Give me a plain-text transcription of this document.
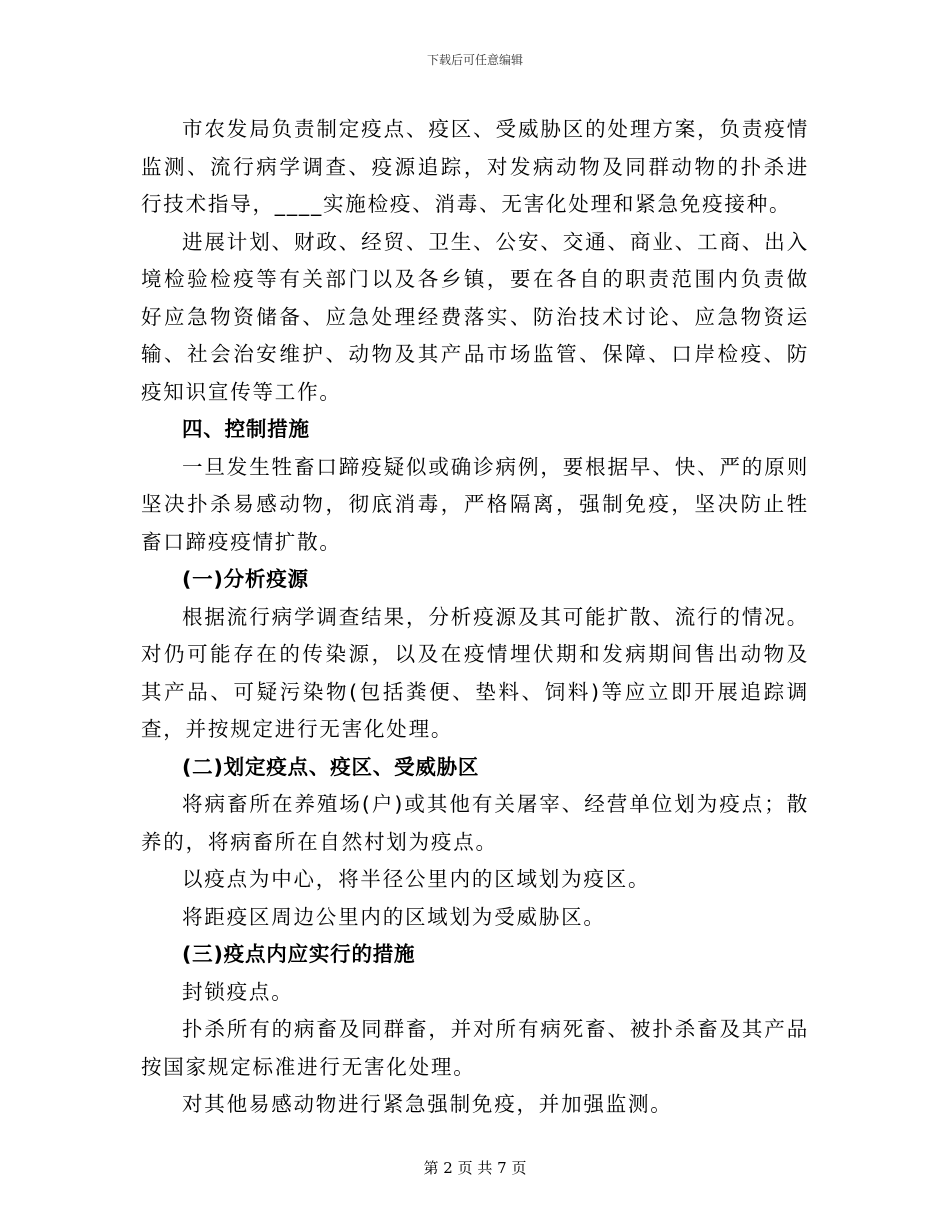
下载后可任意编辑

市农发局负责制定疫点、疫区、受威胁区的处理方案，负责疫情监测、流行病学调查、疫源追踪，对发病动物及同群动物的扑杀进行技术指导，____实施检疫、消毒、无害化处理和紧急免疫接种。

进展计划、财政、经贸、卫生、公安、交通、商业、工商、出入境检验检疫等有关部门以及各乡镇，要在各自的职责范围内负责做好应急物资储备、应急处理经费落实、防治技术讨论、应急物资运输、社会治安维护、动物及其产品市场监管、保障、口岸检疫、防疫知识宣传等工作。

四、控制措施

一旦发生牲畜口蹄疫疑似或确诊病例，要根据早、快、严的原则坚决扑杀易感动物，彻底消毒，严格隔离，强制免疫，坚决防止牲畜口蹄疫疫情扩散。

(一)分析疫源

根据流行病学调查结果，分析疫源及其可能扩散、流行的情况。对仍可能存在的传染源，以及在疫情埋伏期和发病期间售出动物及其产品、可疑污染物(包括粪便、垫料、饲料)等应立即开展追踪调查，并按规定进行无害化处理。

(二)划定疫点、疫区、受威胁区

将病畜所在养殖场(户)或其他有关屠宰、经营单位划为疫点；散养的，将病畜所在自然村划为疫点。

以疫点为中心，将半径公里内的区域划为疫区。

将距疫区周边公里内的区域划为受威胁区。

(三)疫点内应实行的措施

封锁疫点。

扑杀所有的病畜及同群畜，并对所有病死畜、被扑杀畜及其产品按国家规定标准进行无害化处理。

对其他易感动物进行紧急强制免疫，并加强监测。

第 2 页 共 7 页
